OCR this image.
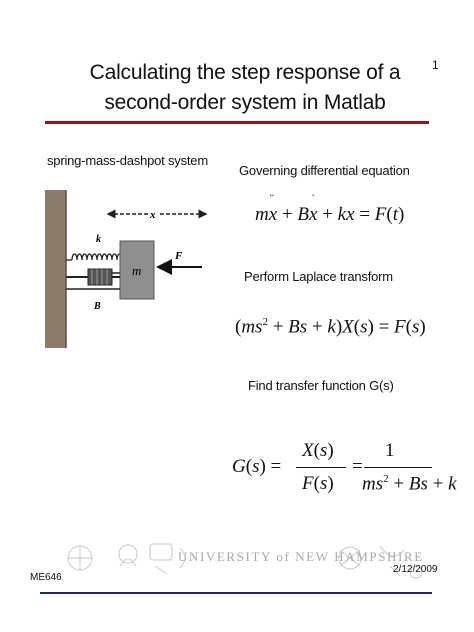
1
Calculating the step response of a
second-order system in Matlab
spring-mass-dashpot system
x
k
m
B
F
Governing differential equation
mx
¨
+ Bx
˙
+ kx = F(t)
Perform Laplace transform
$(ms^2 + Bs + k)X(s) = F(s)$
Find transfer function G(s)
G(s) =
X(s)
F(s)
=
1
$ms^2 + Bs + k$
UNIVERSITY of NEW HAMPSHIRE
ME646
2/12/2009
